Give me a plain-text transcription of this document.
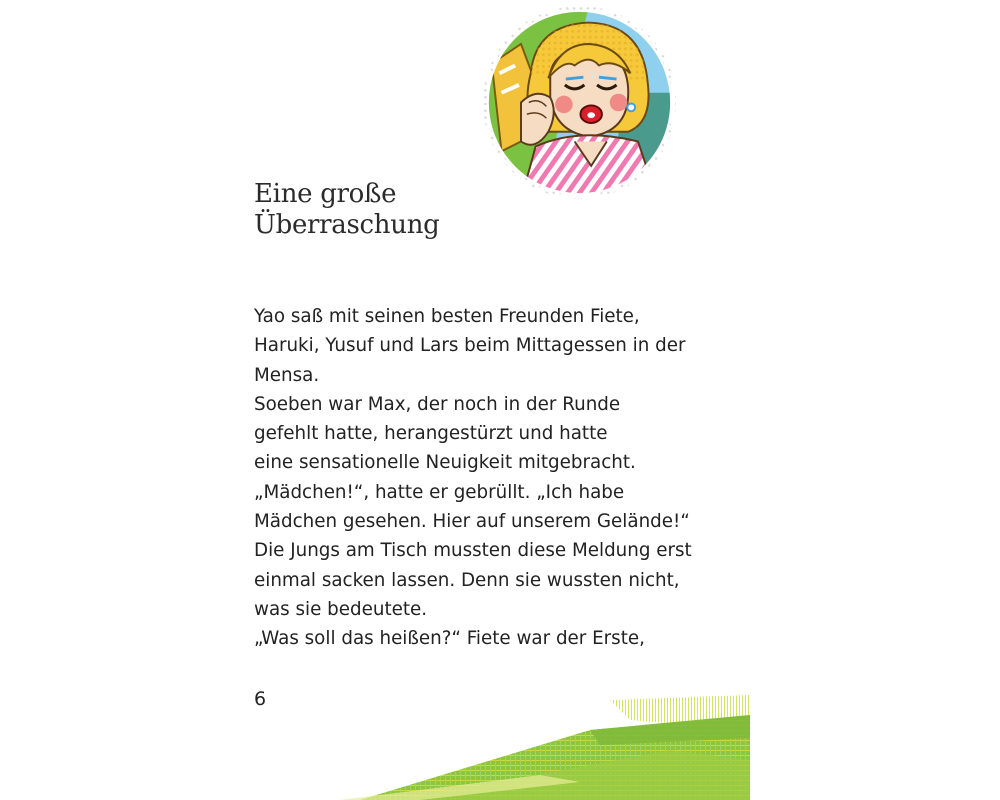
Eine große
Überraschung
Yao saß mit seinen besten Freunden Fiete,
Haruki, Yusuf und Lars beim Mittagessen in der
Mensa.
Soeben war Max, der noch in der Runde
gefehlt hatte, herangestürzt und hatte
eine sensationelle Neuigkeit mitgebracht.
„Mädchen!“, hatte er gebrüllt. „Ich habe
Mädchen gesehen. Hier auf unserem Gelände!“
Die Jungs am Tisch mussten diese Meldung erst
einmal sacken lassen. Denn sie wussten nicht,
was sie bedeutete.
„Was soll das heißen?“ Fiete war der Erste,
6
